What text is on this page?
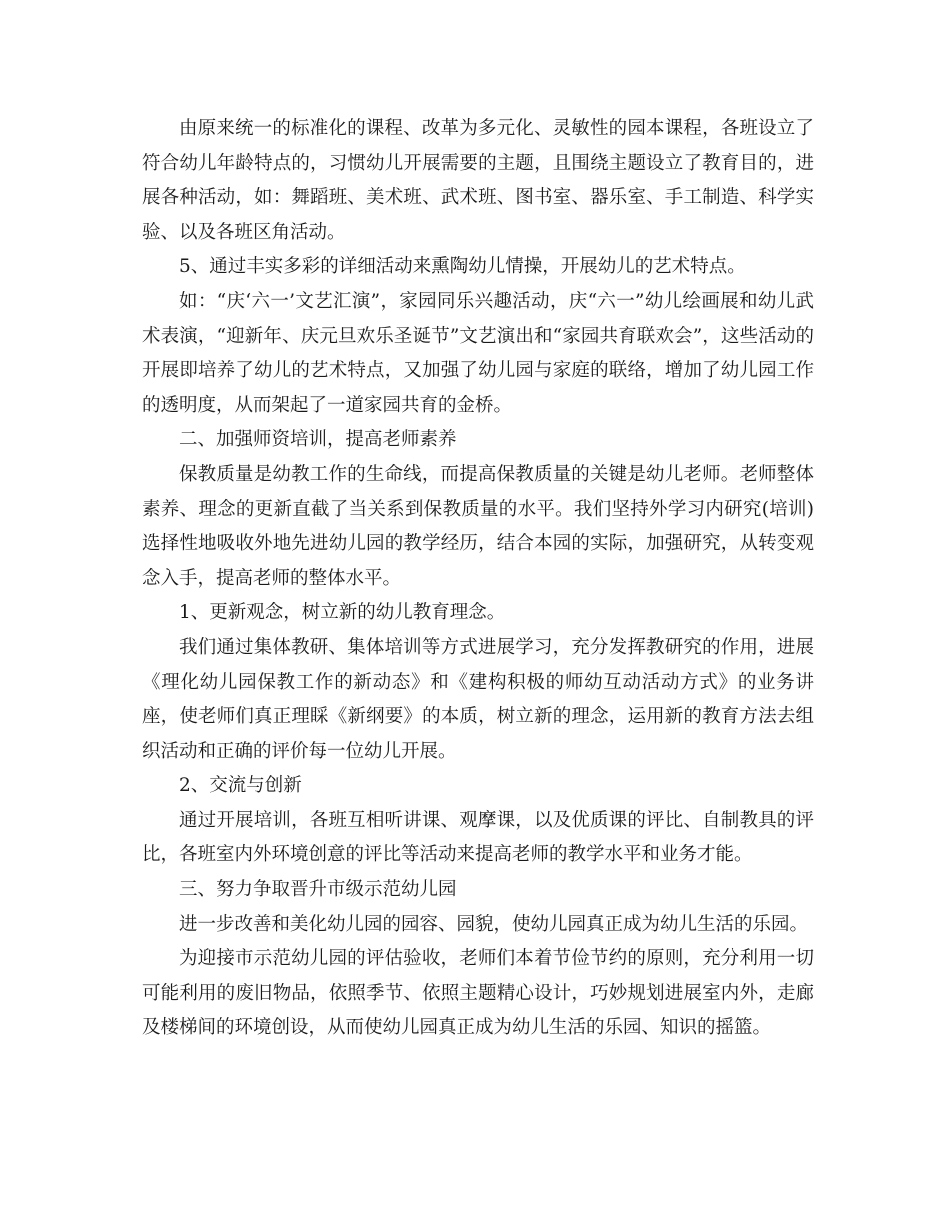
由原来统一的标准化的课程、改革为多元化、灵敏性的园本课程，各班设立了符合幼儿年龄特点的，习惯幼儿开展需要的主题，且围绕主题设立了教育目的，进展各种活动，如：舞蹈班、美术班、武术班、图书室、器乐室、手工制造、科学实验、以及各班区角活动。

5、通过丰实多彩的详细活动来熏陶幼儿情操，开展幼儿的艺术特点。

如：“庆‘六一’文艺汇演”，家园同乐兴趣活动，庆“六一”幼儿绘画展和幼儿武术表演，“迎新年、庆元旦欢乐圣诞节”文艺演出和“家园共育联欢会”，这些活动的开展即培养了幼儿的艺术特点，又加强了幼儿园与家庭的联络，增加了幼儿园工作的透明度，从而架起了一道家园共育的金桥。

二、加强师资培训，提高老师素养

保教质量是幼教工作的生命线，而提高保教质量的关键是幼儿老师。老师整体素养、理念的更新直截了当关系到保教质量的水平。我们坚持外学习内研究(培训)选择性地吸收外地先进幼儿园的教学经历，结合本园的实际，加强研究，从转变观念入手，提高老师的整体水平。

1、更新观念，树立新的幼儿教育理念。

我们通过集体教研、集体培训等方式进展学习，充分发挥教研究的作用，进展《理化幼儿园保教工作的新动态》和《建构积极的师幼互动活动方式》的业务讲座，使老师们真正理睬《新纲要》的本质，树立新的理念，运用新的教育方法去组织活动和正确的评价每一位幼儿开展。

2、交流与创新

通过开展培训，各班互相听讲课、观摩课，以及优质课的评比、自制教具的评比，各班室内外环境创意的评比等活动来提高老师的教学水平和业务才能。

三、努力争取晋升市级示范幼儿园

进一步改善和美化幼儿园的园容、园貌，使幼儿园真正成为幼儿生活的乐园。

为迎接市示范幼儿园的评估验收，老师们本着节俭节约的原则，充分利用一切可能利用的废旧物品，依照季节、依照主题精心设计，巧妙规划进展室内外，走廊及楼梯间的环境创设，从而使幼儿园真正成为幼儿生活的乐园、知识的摇篮。
